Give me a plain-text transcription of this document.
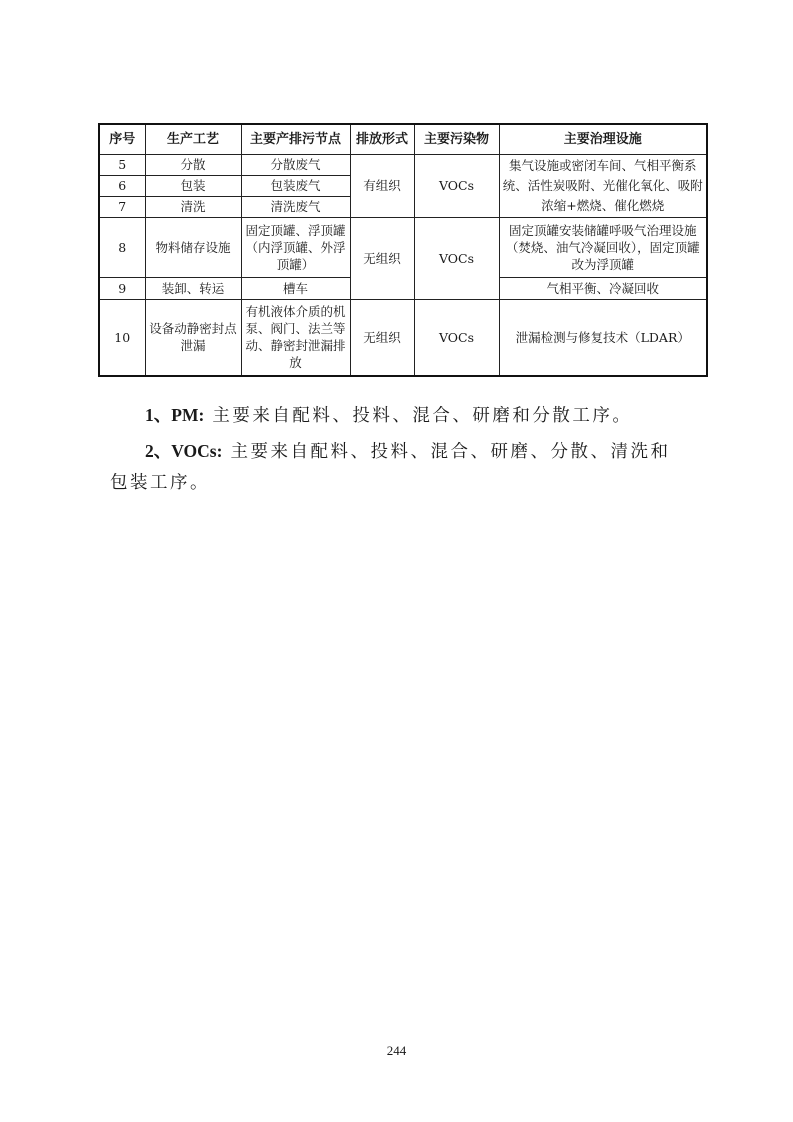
序号	生产工艺	主要产排污节点	排放形式	主要污染物	主要治理设施
5	分散	分散废气	有组织	VOCs	集气设施或密闭车间、气相平衡系统、活性炭吸附、光催化氧化、吸附浓缩+燃烧、催化燃烧
6	包装	包装废气			
7	清洗	清洗废气			
8	物料储存设施	固定顶罐、浮顶罐（内浮顶罐、外浮顶罐）	无组织	VOCs	固定顶罐安装储罐呼吸气治理设施（焚烧、油气冷凝回收），固定顶罐改为浮顶罐
9	装卸、转运	槽车			气相平衡、冷凝回收
10	设备动静密封点泄漏	有机液体介质的机泵、阀门、法兰等动、静密封泄漏排放	无组织	VOCs	泄漏检测与修复技术（LDAR）
1、PM: 主要来自配料、投料、混合、研磨和分散工序。
2、VOCs: 主要来自配料、投料、混合、研磨、分散、清洗和
包装工序。
244
